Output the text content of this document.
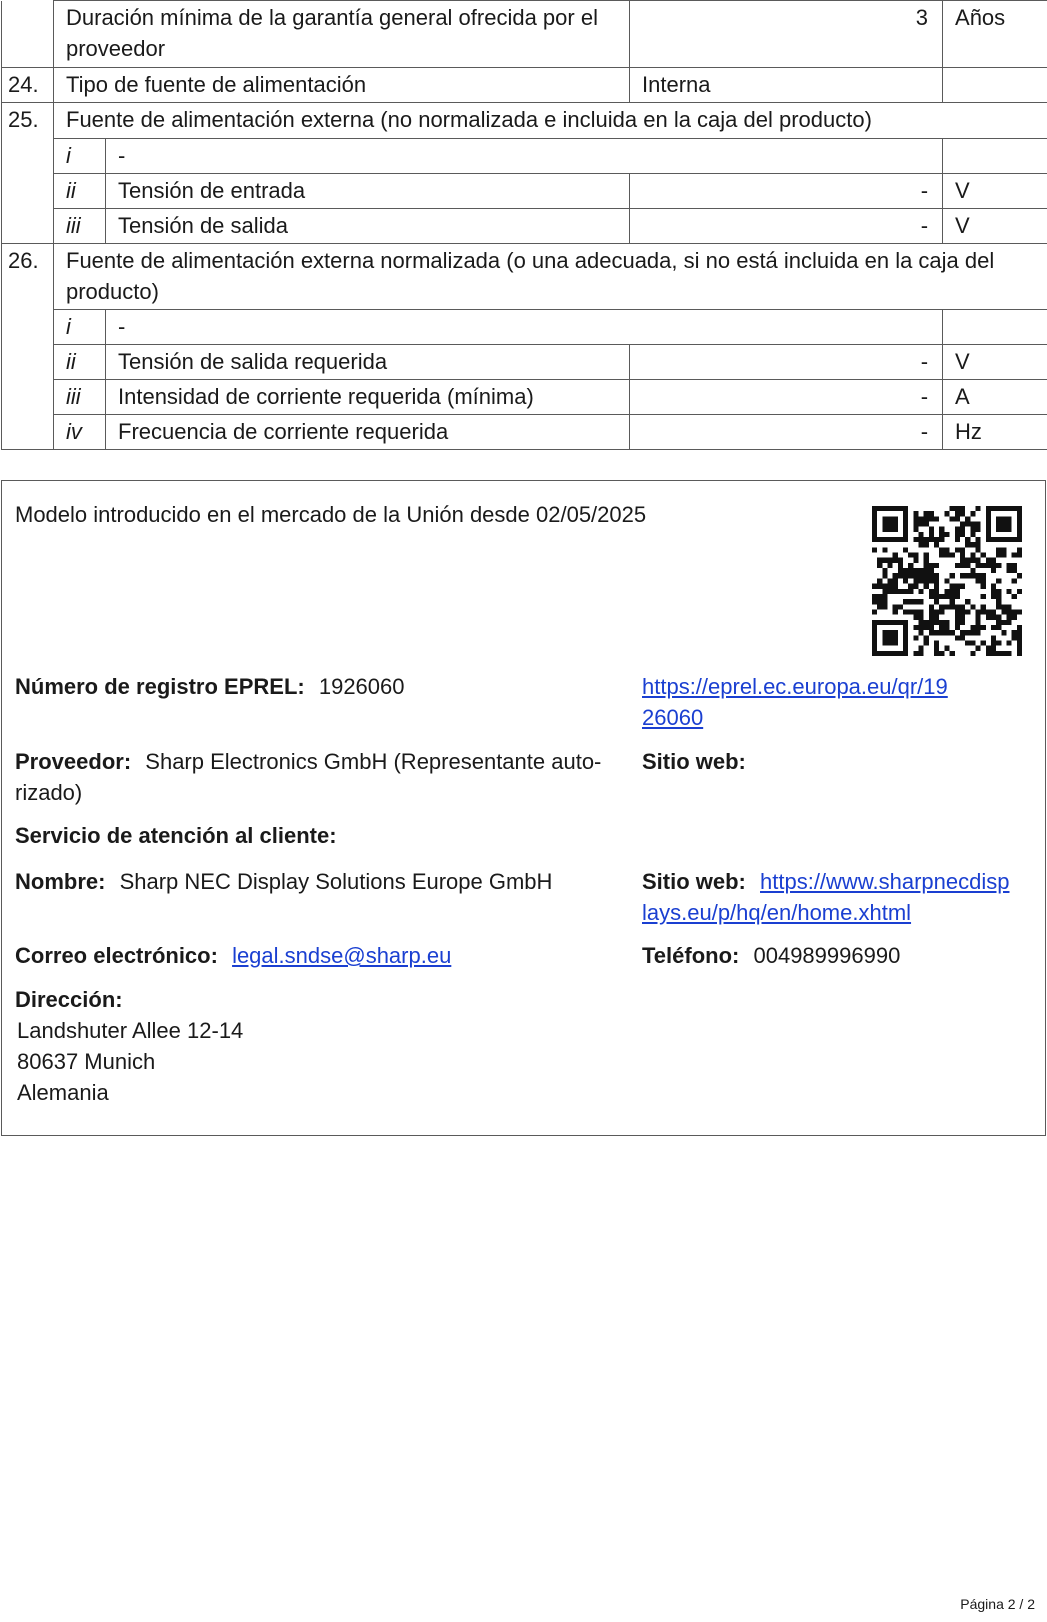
	Duración mínima de la garantía general ofrecida por el proveedor		3	Años
24.	Tipo de fuente de alimentación		Interna	
25.	Fuente de alimentación externa (no normalizada e incluida en la caja del producto)			
	i	-		
	ii	Tensión de entrada	-	V
	iii	Tensión de salida	-	V
26.	Fuente de alimentación externa normalizada (o una adecuada, si no está incluida en la caja del producto)			
	i	-		
	ii	Tensión de salida requerida	-	V
	iii	Intensidad de corriente requerida (mínima)	-	A
	iv	Frecuencia de corriente requerida	-	Hz
Modelo introducido en el mercado de la Unión desde 02/05/2025
Número de registro EPREL: 1926060	https://eprel.ec.europa.eu/qr/19
26060
Proveedor: Sharp Electronics GmbH (Representante auto-
rizado)
Sitio web:
Servicio de atención al cliente:
Nombre: Sharp NEC Display Solutions Europe GmbH	Sitio web: https://www.sharpnecdisp
lays.eu/p/hq/en/home.xhtml
Correo electrónico: legal.sndse@sharp.eu	Teléfono: 004989996990
Dirección:
Landshuter Allee 12-14
80637 Munich
Alemania
Página 2 / 2
